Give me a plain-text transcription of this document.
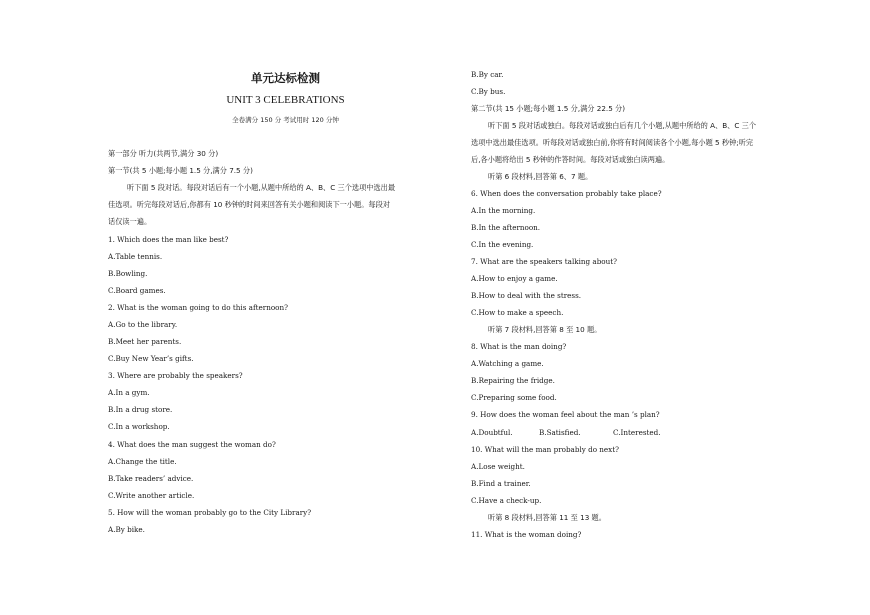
单元达标检测
UNIT 3 CELEBRATIONS
全卷满分 150 分 考试用时 120 分钟
第一部分 听力(共两节,满分 30 分)
第一节(共 5 小题;每小题 1.5 分,满分 7.5 分)
听下面 5 段对话。每段对话后有一个小题,从题中所给的 A、B、C 三个选项中选出最
佳选项。听完每段对话后,你都有 10 秒钟的时间来回答有关小题和阅读下一小题。每段对
话仅读一遍。
1. Which does the man like best?
A.Table tennis.
B.Bowling.
C.Board games.
2. What is the woman going to do this afternoon?
A.Go to the library.
B.Meet her parents.
C.Buy New Year’s gifts.
3. Where are probably the speakers?
A.In a gym.
B.In a drug store.
C.In a workshop.
4. What does the man suggest the woman do?
A.Change the title.
B.Take readers’ advice.
C.Write another article.
5. How will the woman probably go to the City Library?
A.By bike.
B.By car.
C.By bus.
第二节(共 15 小题;每小题 1.5 分,满分 22.5 分)
听下面 5 段对话或独白。每段对话或独白后有几个小题,从题中所给的 A、B、C 三个
选项中选出最佳选项。听每段对话或独白前,你将有时间阅读各个小题,每小题 5 秒钟;听完
后,各小题将给出 5 秒钟的作答时间。每段对话或独白读两遍。
听第 6 段材料,回答第 6、7 题。
6. When does the conversation probably take place?
A.In the morning.
B.In the afternoon.
C.In the evening.
7. What are the speakers talking about?
A.How to enjoy a game.
B.How to deal with the stress.
C.How to make a speech.
听第 7 段材料,回答第 8 至 10 题。
8. What is the man doing?
A.Watching a game.
B.Repairing the fridge.
C.Preparing some food.
9. How does the woman feel about the man ’s plan?
A.Doubtful.	B.Satisfied.	C.Interested.
10. What will the man probably do next?
A.Lose weight.
B.Find a trainer.
C.Have a check-up.
听第 8 段材料,回答第 11 至 13 题。
11. What is the woman doing?
